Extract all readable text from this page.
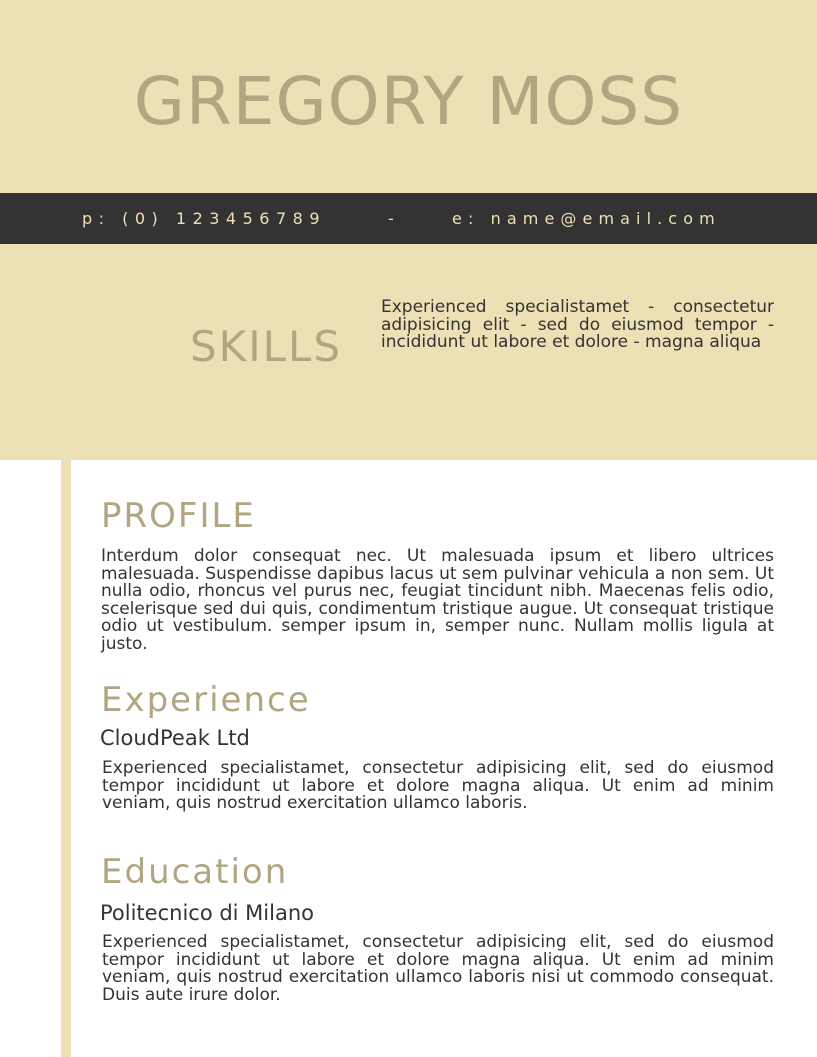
GREGORY MOSS
p: (0) 123456789	-	e: name@email.com
SKILLS
Experienced specialistamet - consectetur adipisicing elit - sed do eiusmod tempor - incididunt ut labore et dolore - magna aliqua
PROFILE
Interdum dolor consequat nec. Ut malesuada ipsum et libero ultrices malesuada. Suspendisse dapibus lacus ut sem pulvinar vehicula a non sem. Ut nulla odio, rhoncus vel purus nec, feugiat tincidunt nibh. Maecenas felis odio, scelerisque sed dui quis, condimentum tristique augue. Ut consequat tristique odio ut vestibulum. semper ipsum in, semper nunc. Nullam mollis ligula at justo.
Experience
CloudPeak Ltd
Experienced specialistamet, consectetur adipisicing elit, sed do eiusmod tempor incididunt ut labore et dolore magna aliqua. Ut enim ad minim veniam, quis nostrud exercitation ullamco laboris.
Education
Politecnico di Milano
Experienced specialistamet, consectetur adipisicing elit, sed do eiusmod tempor incididunt ut labore et dolore magna aliqua. Ut enim ad minim veniam, quis nostrud exercitation ullamco laboris nisi ut commodo consequat. Duis aute irure dolor.
